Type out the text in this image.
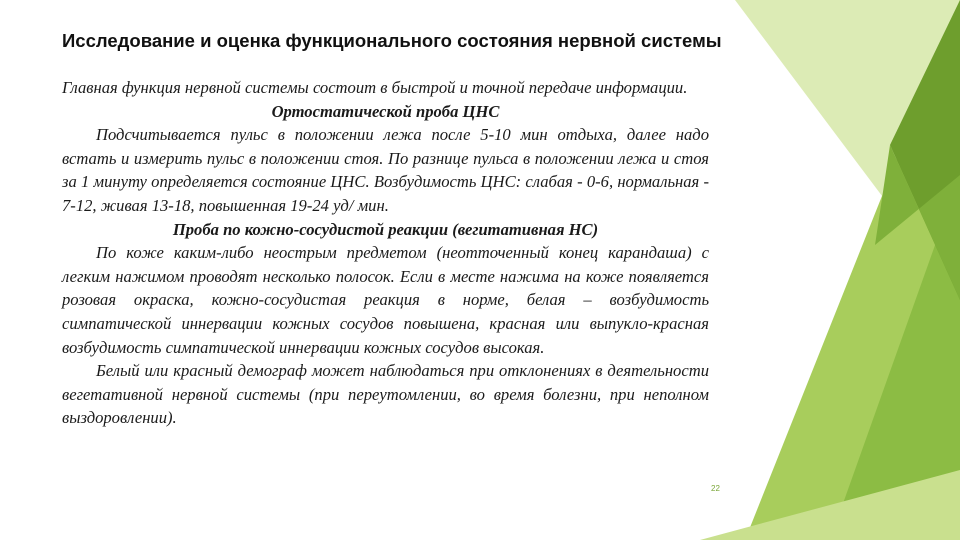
Исследование и оценка функционального состояния нервной системы

Главная функция нервной системы состоит в быстрой и точной передаче информации.

Ортостатической проба ЦНС

Подсчитывается пульс в положении лежа после 5-10 мин отдыха, далее надо встать и измерить пульс в положении стоя. По разнице пульса в положении лежа и стоя за 1 минуту определяется состояние ЦНС. Возбудимость ЦНС: слабая - 0-6, нормальная - 7-12, живая 13-18, повышенная 19-24 уд/ мин.

Проба по кожно-сосудистой реакции (вегитативная НС)

По коже каким-либо неострым предметом (неотточенный конец карандаша) с легким нажимом проводят несколько полосок. Если в месте нажима на коже появляется розовая окраска, кожно-сосудистая реакция в норме, белая – возбудимость симпатической иннервации кожных сосудов повышена, красная или выпукло-красная возбудимость симпатической иннервации кожных сосудов высокая.

Белый или красный демограф может наблюдаться при отклонениях в деятельности вегетативной нервной системы (при переутомлении, во время болезни, при неполном выздоровлении).

22
